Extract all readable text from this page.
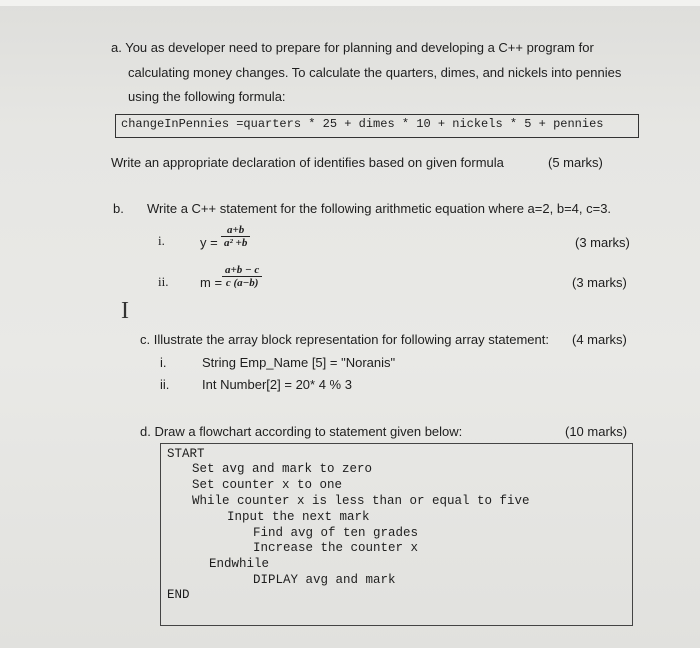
a. You as developer need to prepare for planning and developing a C++ program for
calculating money changes. To calculate the quarters, dimes, and nickels into pennies
using the following formula:
changeInPennies =quarters * 25 + dimes * 10 + nickels * 5 + pennies
Write an appropriate declaration of identifies based on given formula	(5 marks)
b. Write a C++ statement for the following arithmetic equation where a=2, b=4, c=3.
i.	$y = \frac{a+b}{\text{a² +b}}$	(3 marks)
ii. $m = \frac{a+b - c}{c (a-b)}$	(3 marks)
I
c. Illustrate the array block representation for following array statement: (4 marks)
i.	String Emp_Name [5] = "Noranis"
ii.	Int Number[2] = 20* 4 % 3
d. Draw a flowchart according to statement given below:	(10 marks)
START
Set avg and mark to zero
Set counter x to one
While counter x is less than or equal to five
Input the next mark
Find avg of ten grades
Increase the counter x
Endwhile
DIPLAY avg and mark
END
